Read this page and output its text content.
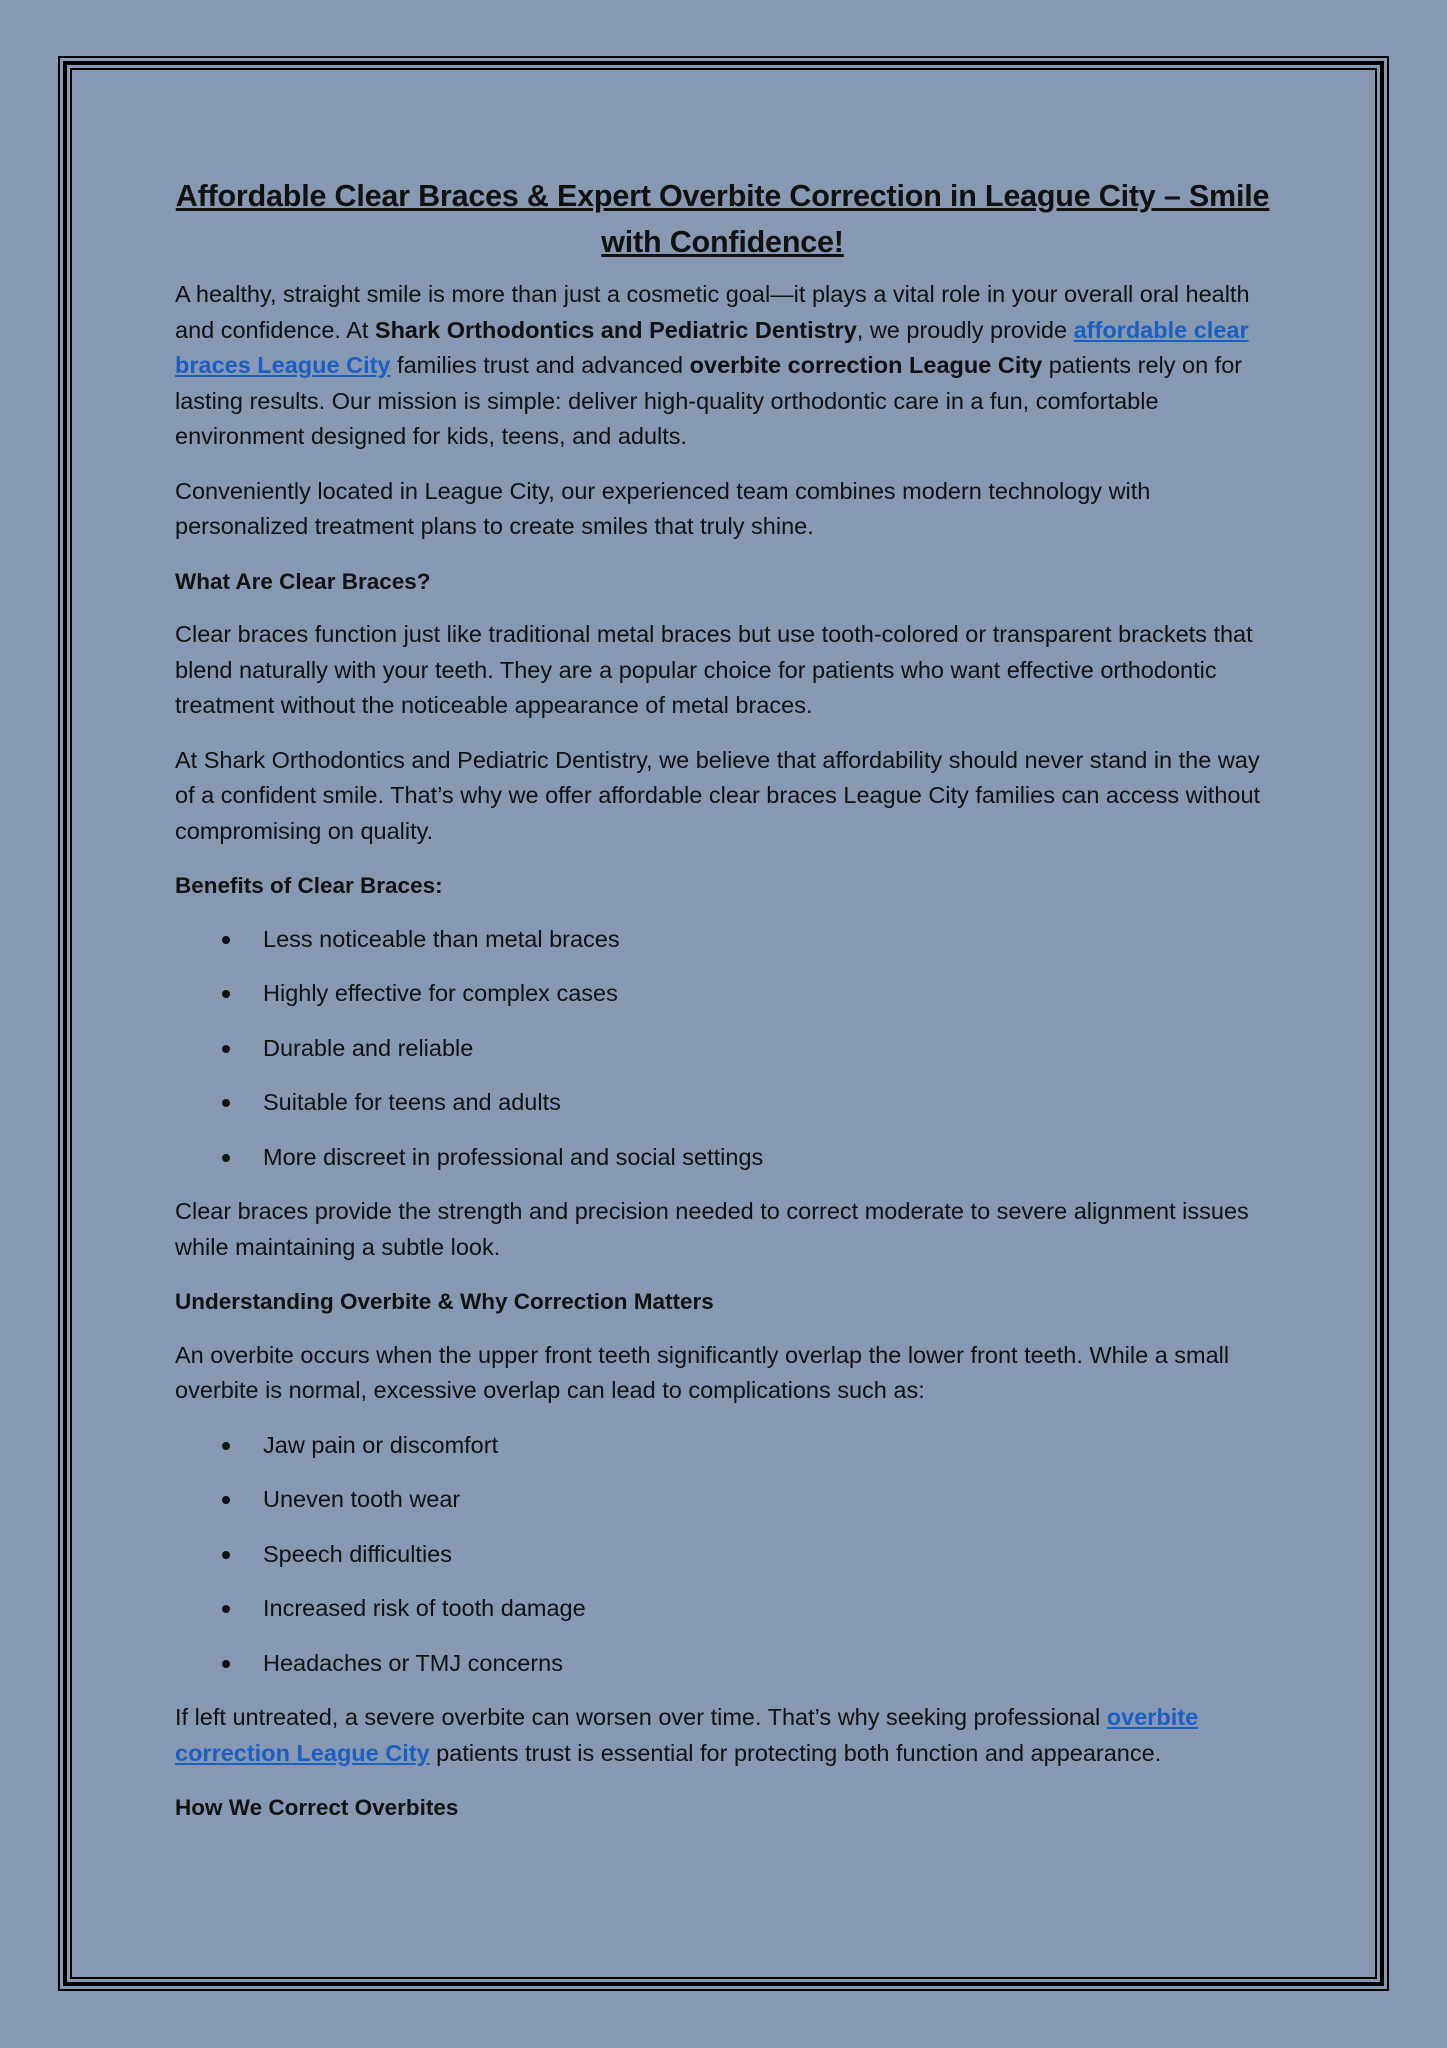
Affordable Clear Braces & Expert Overbite Correction in League City – Smile with Confidence!

A healthy, straight smile is more than just a cosmetic goal—it plays a vital role in your overall oral health and confidence. At Shark Orthodontics and Pediatric Dentistry, we proudly provide affordable clear braces League City families trust and advanced overbite correction League City patients rely on for lasting results. Our mission is simple: deliver high-quality orthodontic care in a fun, comfortable environment designed for kids, teens, and adults.

Conveniently located in League City, our experienced team combines modern technology with personalized treatment plans to create smiles that truly shine.

What Are Clear Braces?

Clear braces function just like traditional metal braces but use tooth-colored or transparent brackets that blend naturally with your teeth. They are a popular choice for patients who want effective orthodontic treatment without the noticeable appearance of metal braces.

At Shark Orthodontics and Pediatric Dentistry, we believe that affordability should never stand in the way of a confident smile. That’s why we offer affordable clear braces League City families can access without compromising on quality.

Benefits of Clear Braces:

Less noticeable than metal braces
Highly effective for complex cases
Durable and reliable
Suitable for teens and adults
More discreet in professional and social settings

Clear braces provide the strength and precision needed to correct moderate to severe alignment issues while maintaining a subtle look.

Understanding Overbite & Why Correction Matters

An overbite occurs when the upper front teeth significantly overlap the lower front teeth. While a small overbite is normal, excessive overlap can lead to complications such as:

Jaw pain or discomfort
Uneven tooth wear
Speech difficulties
Increased risk of tooth damage
Headaches or TMJ concerns

If left untreated, a severe overbite can worsen over time. That’s why seeking professional overbite correction League City patients trust is essential for protecting both function and appearance.

How We Correct Overbites
